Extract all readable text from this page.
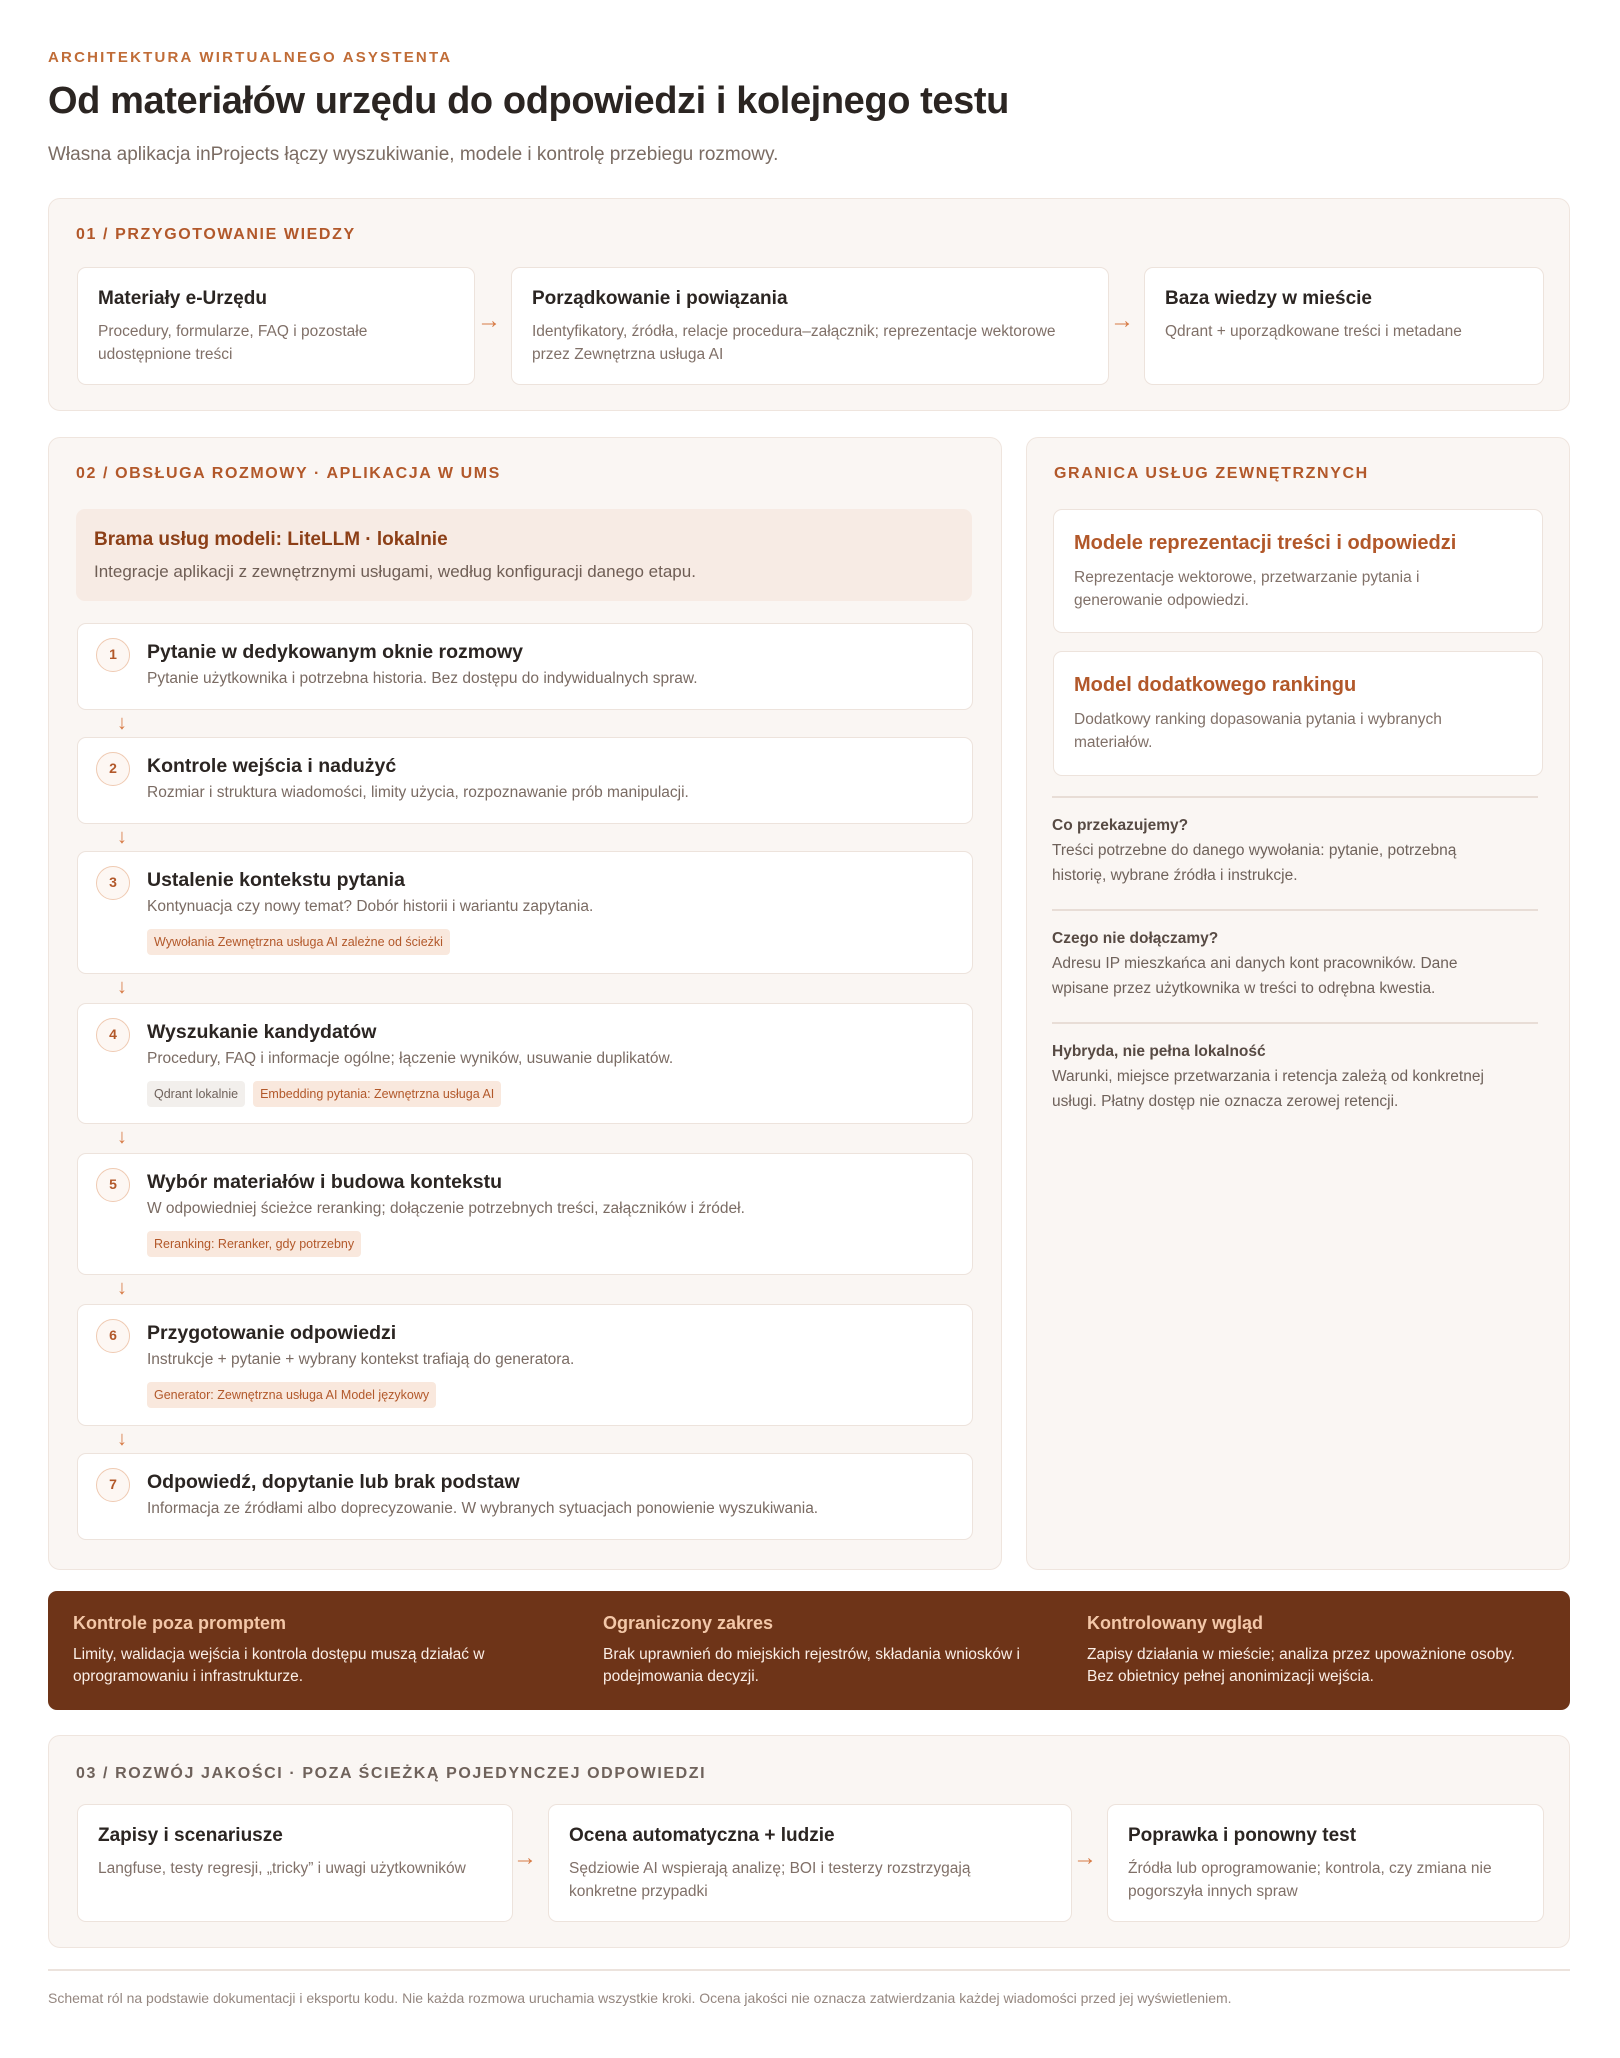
ARCHITEKTURA WIRTUALNEGO ASYSTENTA
Od materiałów urzędu do odpowiedzi i kolejnego testu
Własna aplikacja inProjects łączy wyszukiwanie, modele i kontrolę przebiegu rozmowy.
01 / PRZYGOTOWANIE WIEDZY
Materiały e-Urzędu
Procedury, formularze, FAQ i pozostałe
udostępnione treści
→
Porządkowanie i powiązania
Identyfikatory, źródła, relacje procedura–załącznik; reprezentacje wektorowe
przez Zewnętrzna usługa AI
→
Baza wiedzy w mieście
Qdrant + uporządkowane treści i metadane
02 / OBSŁUGA ROZMOWY · APLIKACJA W UMS
Brama usług modeli: LiteLLM · lokalnie
Integracje aplikacji z zewnętrznymi usługami, według konfiguracji danego etapu.
1	Pytanie w dedykowanym oknie rozmowy
Pytanie użytkownika i potrzebna historia. Bez dostępu do indywidualnych spraw.
↓
2	Kontrole wejścia i nadużyć
Rozmiar i struktura wiadomości, limity użycia, rozpoznawanie prób manipulacji.
↓
3	Ustalenie kontekstu pytania
Kontynuacja czy nowy temat? Dobór historii i wariantu zapytania.
Wywołania Zewnętrzna usługa AI zależne od ścieżki
↓
4	Wyszukanie kandydatów
Procedury, FAQ i informacje ogólne; łączenie wyników, usuwanie duplikatów.
Qdrant lokalnie	Embedding pytania: Zewnętrzna usługa AI
↓
5	Wybór materiałów i budowa kontekstu
W odpowiedniej ścieżce reranking; dołączenie potrzebnych treści, załączników i źródeł.
Reranking: Reranker, gdy potrzebny
↓
6	Przygotowanie odpowiedzi
Instrukcje + pytanie + wybrany kontekst trafiają do generatora.
Generator: Zewnętrzna usługa AI Model językowy
↓
7	Odpowiedź, dopytanie lub brak podstaw
Informacja ze źródłami albo doprecyzowanie. W wybranych sytuacjach ponowienie wyszukiwania.
GRANICA USŁUG ZEWNĘTRZNYCH
Modele reprezentacji treści i odpowiedzi
Reprezentacje wektorowe, przetwarzanie pytania i
generowanie odpowiedzi.
Model dodatkowego rankingu
Dodatkowy ranking dopasowania pytania i wybranych
materiałów.
Co przekazujemy?
Treści potrzebne do danego wywołania: pytanie, potrzebną
historię, wybrane źródła i instrukcje.
Czego nie dołączamy?
Adresu IP mieszkańca ani danych kont pracowników. Dane
wpisane przez użytkownika w treści to odrębna kwestia.
Hybryda, nie pełna lokalność
Warunki, miejsce przetwarzania i retencja zależą od konkretnej
usługi. Płatny dostęp nie oznacza zerowej retencji.
Kontrole poza promptem
Limity, walidacja wejścia i kontrola dostępu muszą działać w
oprogramowaniu i infrastrukturze.
Ograniczony zakres
Brak uprawnień do miejskich rejestrów, składania wniosków i
podejmowania decyzji.
Kontrolowany wgląd
Zapisy działania w mieście; analiza przez upoważnione osoby.
Bez obietnicy pełnej anonimizacji wejścia.
03 / ROZWÓJ JAKOŚCI · POZA ŚCIEŻKĄ POJEDYNCZEJ ODPOWIEDZI
Zapisy i scenariusze
Langfuse, testy regresji, „tricky” i uwagi użytkowników →
Ocena automatyczna + ludzie
Sędziowie AI wspierają analizę; BOI i testerzy rozstrzygają
konkretne przypadki
→
Poprawka i ponowny test
Źródła lub oprogramowanie; kontrola, czy zmiana nie
pogorszyła innych spraw
Schemat ról na podstawie dokumentacji i eksportu kodu. Nie każda rozmowa uruchamia wszystkie kroki. Ocena jakości nie oznacza zatwierdzania każdej wiadomości przed jej wyświetleniem.
